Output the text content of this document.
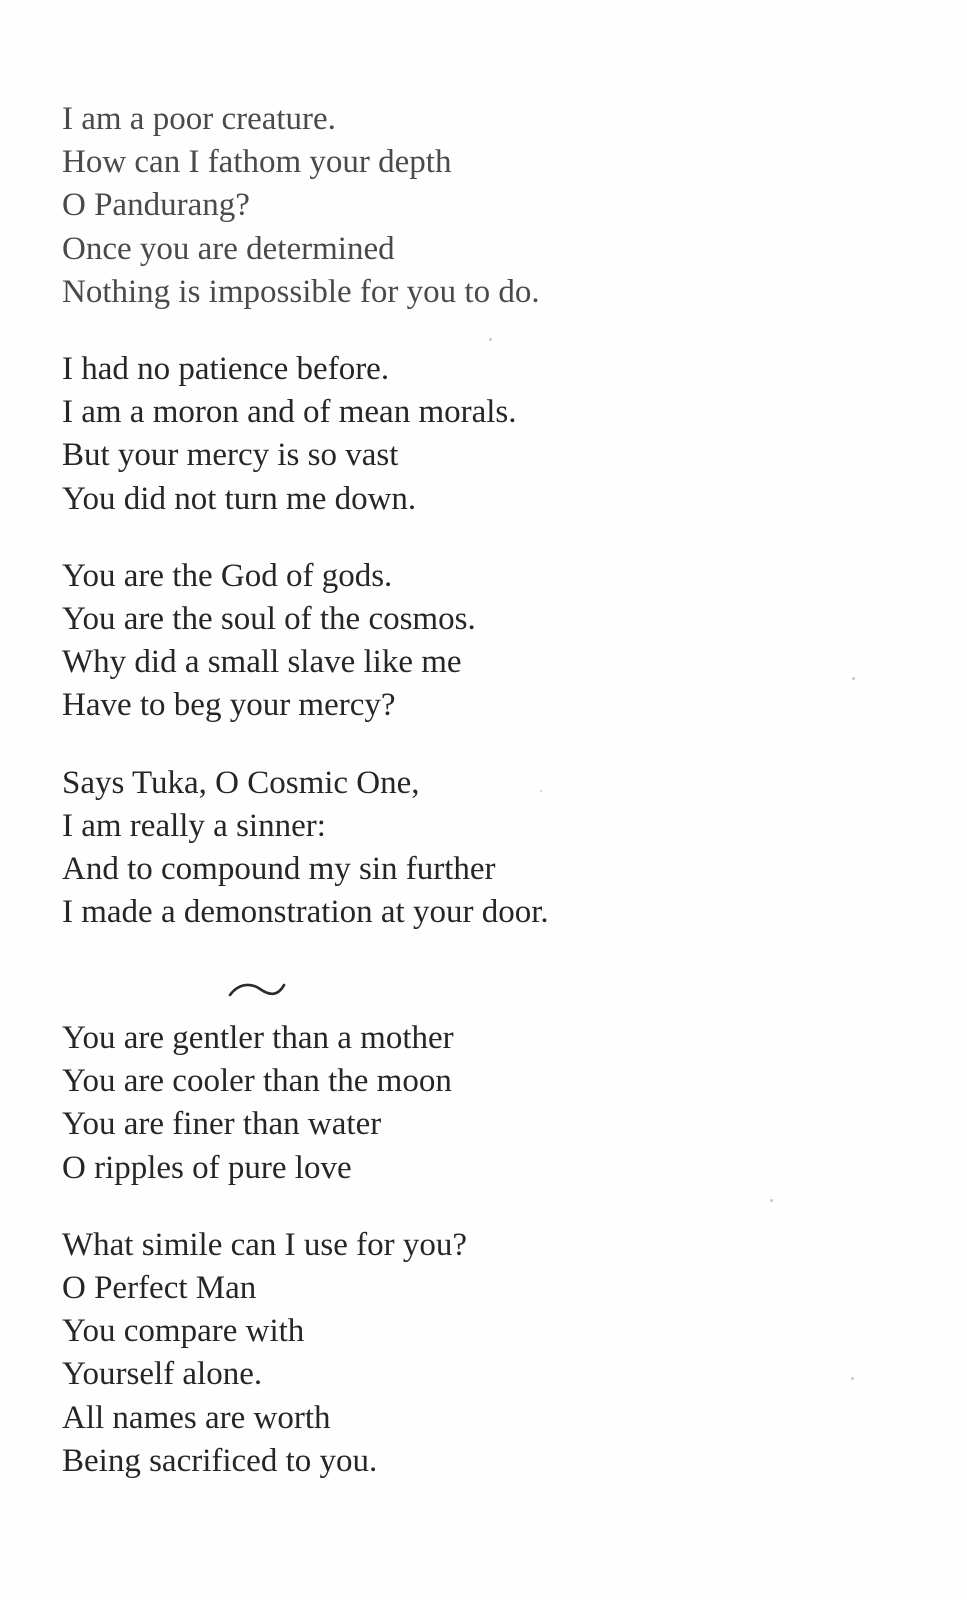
I am a poor creature.
How can I fathom your depth
O Pandurang?
Once you are determined
Nothing is impossible for you to do.

I had no patience before.
I am a moron and of mean morals.
But your mercy is so vast
You did not turn me down.

You are the God of gods.
You are the soul of the cosmos.
Why did a small slave like me
Have to beg your mercy?

Says Tuka, O Cosmic One,
I am really a sinner:
And to compound my sin further
I made a demonstration at your door.

You are gentler than a mother
You are cooler than the moon
You are finer than water
O ripples of pure love

What simile can I use for you?
O Perfect Man
You compare with
Yourself alone.
All names are worth
Being sacrificed to you.
